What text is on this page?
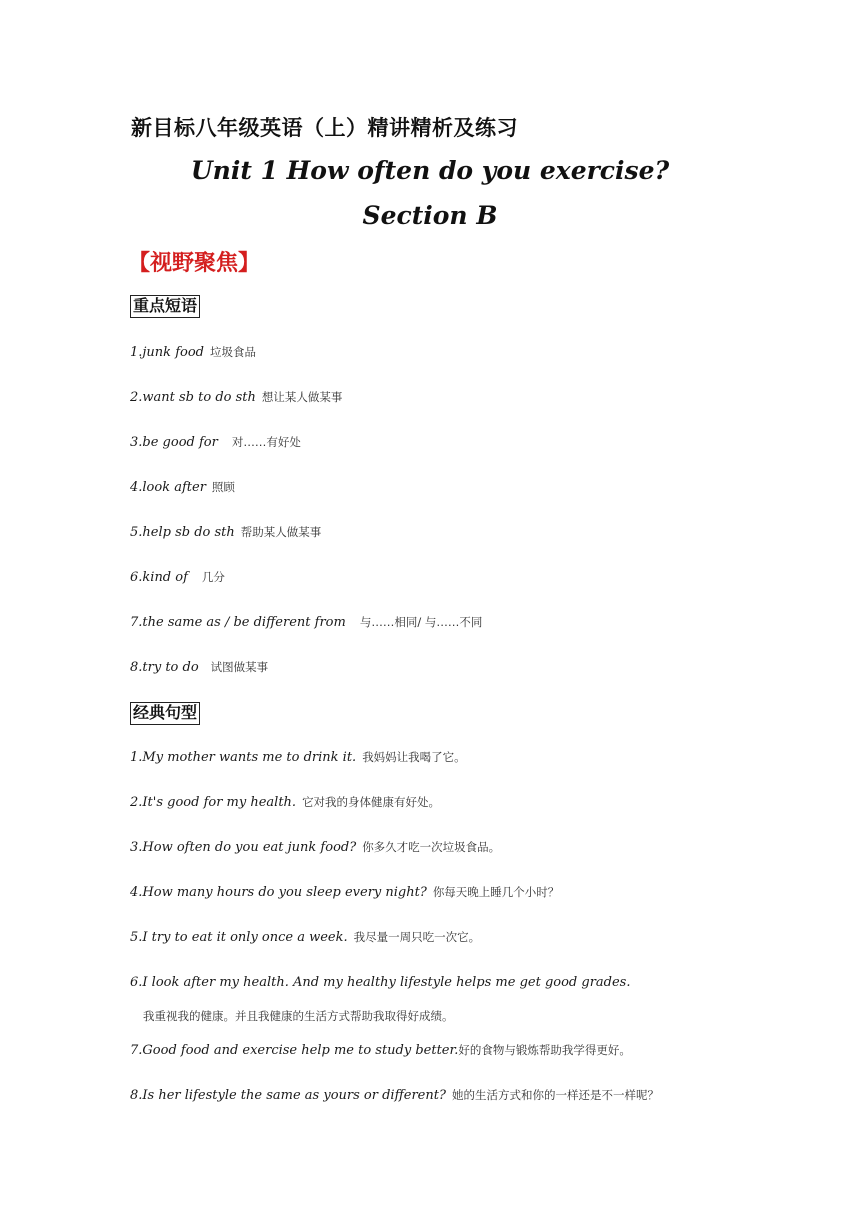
新目标八年级英语（上）精讲精析及练习
Unit 1 How often do you exercise?
Section B
【视野聚焦】
重点短语
1.junk food 垃圾食品
2.want sb to do sth 想让某人做某事
3.be good for 对……有好处
4.look after 照顾
5.help sb do sth 帮助某人做某事
6.kind of 几分
7.the same as / be different from 与……相同/ 与……不同
8.try to do 试图做某事
经典句型
1.My mother wants me to drink it. 我妈妈让我喝了它。
2.It's good for my health. 它对我的身体健康有好处。
3.How often do you eat junk food? 你多久才吃一次垃圾食品。
4.How many hours do you sleep every night? 你每天晚上睡几个小时？
5.I try to eat it only once a week. 我尽量一周只吃一次它。
6.I look after my health. And my healthy lifestyle helps me get good grades.
我重视我的健康。并且我健康的生活方式帮助我取得好成绩。
7.Good food and exercise help me to study better.好的食物与锻炼帮助我学得更好。
8.Is her lifestyle the same as yours or different? 她的生活方式和你的一样还是不一样呢？
